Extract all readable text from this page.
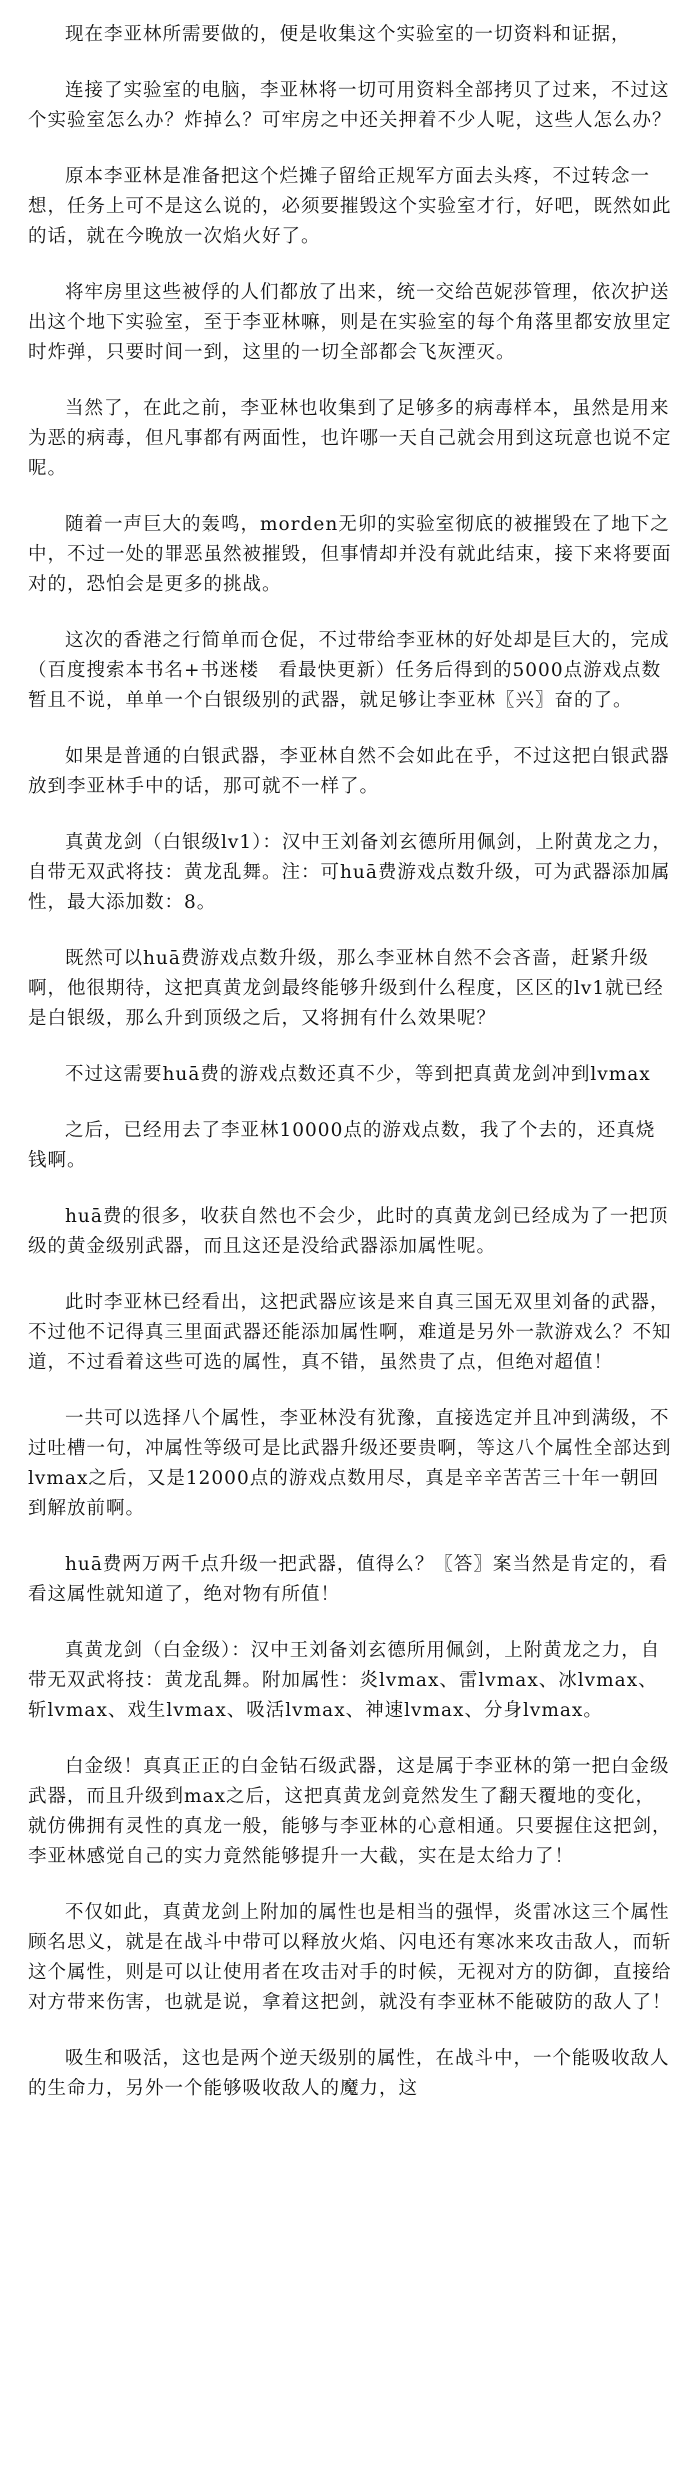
现在李亚林所需要做的，便是收集这个实验室的一切资料和证据，

连接了实验室的电脑，李亚林将一切可用资料全部拷贝了过来，不过这个实验室怎么办？炸掉么？可牢房之中还关押着不少人呢，这些人怎么办？

原本李亚林是准备把这个烂摊子留给正规军方面去头疼，不过转念一想，任务上可不是这么说的，必须要摧毁这个实验室才行，好吧，既然如此的话，就在今晚放一次焰火好了。

将牢房里这些被俘的人们都放了出来，统一交给芭妮莎管理，依次护送出这个地下实验室，至于李亚林嘛，则是在实验室的每个角落里都安放里定时炸弹，只要时间一到，这里的一切全部都会飞灰湮灭。

当然了，在此之前，李亚林也收集到了足够多的病毒样本，虽然是用来为恶的病毒，但凡事都有两面性，也许哪一天自己就会用到这玩意也说不定呢。

随着一声巨大的轰鸣，morden无卯的实验室彻底的被摧毁在了地下之中，不过一处的罪恶虽然被摧毁，但事情却并没有就此结束，接下来将要面对的，恐怕会是更多的挑战。

这次的香港之行简单而仓促，不过带给李亚林的好处却是巨大的，完成（百度搜索本书名+书迷楼　看最快更新）任务后得到的5000点游戏点数暂且不说，单单一个白银级别的武器，就足够让李亚林〖兴〗奋的了。

如果是普通的白银武器，李亚林自然不会如此在乎，不过这把白银武器放到李亚林手中的话，那可就不一样了。

真黄龙剑（白银级lv1）：汉中王刘备刘玄德所用佩剑，上附黄龙之力，自带无双武将技：黄龙乱舞。注：可huā费游戏点数升级，可为武器添加属性，最大添加数：8。

既然可以huā费游戏点数升级，那么李亚林自然不会吝啬，赶紧升级啊，他很期待，这把真黄龙剑最终能够升级到什么程度，区区的lv1就已经是白银级，那么升到顶级之后，又将拥有什么效果呢？

不过这需要huā费的游戏点数还真不少，等到把真黄龙剑冲到lvmax

之后，已经用去了李亚林10000点的游戏点数，我了个去的，还真烧钱啊。

huā费的很多，收获自然也不会少，此时的真黄龙剑已经成为了一把顶级的黄金级别武器，而且这还是没给武器添加属性呢。

此时李亚林已经看出，这把武器应该是来自真三国无双里刘备的武器，不过他不记得真三里面武器还能添加属性啊，难道是另外一款游戏么？不知道，不过看着这些可选的属性，真不错，虽然贵了点，但绝对超值！

一共可以选择八个属性，李亚林没有犹豫，直接选定并且冲到满级，不过吐槽一句，冲属性等级可是比武器升级还要贵啊，等这八个属性全部达到lvmax之后，又是12000点的游戏点数用尽，真是辛辛苦苦三十年一朝回到解放前啊。

huā费两万两千点升级一把武器，值得么？〖答〗案当然是肯定的，看看这属性就知道了，绝对物有所值！

真黄龙剑（白金级）：汉中王刘备刘玄德所用佩剑，上附黄龙之力，自带无双武将技：黄龙乱舞。附加属性：炎lvmax、雷lvmax、冰lvmax、斩lvmax、戏生lvmax、吸活lvmax、神速lvmax、分身lvmax。

白金级！真真正正的白金钻石级武器，这是属于李亚林的第一把白金级武器，而且升级到max之后，这把真黄龙剑竟然发生了翻天覆地的变化，就仿佛拥有灵性的真龙一般，能够与李亚林的心意相通。只要握住这把剑，李亚林感觉自己的实力竟然能够提升一大截，实在是太给力了！

不仅如此，真黄龙剑上附加的属性也是相当的强悍，炎雷冰这三个属性顾名思义，就是在战斗中带可以释放火焰、闪电还有寒冰来攻击敌人，而斩这个属性，则是可以让使用者在攻击对手的时候，无视对方的防御，直接给对方带来伤害，也就是说，拿着这把剑，就没有李亚林不能破防的敌人了！

吸生和吸活，这也是两个逆天级别的属性，在战斗中，一个能吸收敌人的生命力，另外一个能够吸收敌人的魔力，这
